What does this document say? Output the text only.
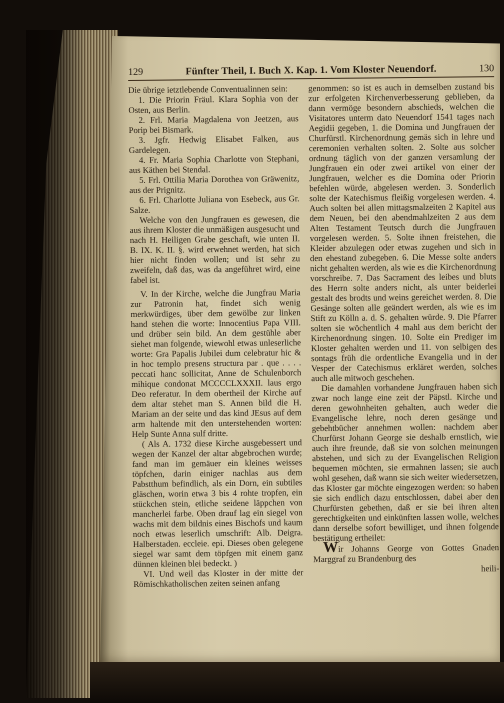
129	Fünfter Theil, I. Buch X. Kap. 1. Vom Kloster Neuendorf.	130

Die übrige ietztlebende Conventualinnen sein:

1. Die Priorin Fräul. Klara Sophia von der Osten, aus Berlin.

2. Frl. Maria Magdalena von Jeetzen, aus Porip bei Bismark.

3. Jgfr. Hedwig Elisabet Falken, aus Gardelegen.

4. Fr. Maria Sophia Charlotte von Stephani, aus Käthen bei Stendal.

5. Frl. Ottilia Maria Dorothea von Gräwenitz, aus der Prignitz.

6. Frl. Charlotte Juliana von Esebeck, aus Gr. Salze.

Welche von den Jungfrauen es gewesen, die aus ihrem Kloster die unmäßigen ausgesucht und nach H. Heiligen Grabe geschaft, wie unten II. B. IX. K. II. §. wird erwehnet werden, hat sich hier nicht finden wollen; und ist sehr zu zweifeln, daß das, was da angeführet wird, eine fabel ist.

V. In der Kirche, welche die Jungfrau Maria zur Patronin hat, findet sich wenig merkwürdiges, über dem gewölbe zur linken hand stehen die worte: Innocentius Papa VIII. und drüber sein bild. An dem gestühle aber siehet man folgende, wiewohl etwas unleserliche worte: Gra Papalis Jubilei dum celebratur hic & in hoc templo presens structura par . que . . . . peccati hanc sollicitat, Anne de Schulenborch mihique condonat MCCCCLXXXII. laus ergo Deo referatur. In dem obertheil der Kirche auf dem altar stehet man S. Annen bild die H. Mariam an der seite und das kind JEsus auf dem arm haltende mit den unterstehenden worten: Help Sunte Anna sulf dritte.

( Als A. 1732 diese Kirche ausgebessert und wegen der Kanzel der altar abgebrochen wurde; fand man im gemäuer ein kleines weisses töpfchen, darin einiger nachlas aus dem Pabstthum befindlich, als ein Dorn, ein subtiles gläschen, worin etwa 3 bis 4 rohte tropfen, ein stückchen stein, etliche seidene läppchen von mancherlei farbe. Oben drauf lag ein siegel von wachs mit dem bildnis eines Bischofs und kaum noch etwas leserlich umschrift: Alb. Deigra. Halberstaden. eccleie. epi. Dieses oben gelegene siegel war samt dem töpfgen mit einem ganz dünnen kleinen blei bedeckt. )

VI. Und weil das Kloster in der mitte der Römischkatholischen zeiten seinen anfang

genommen: so ist es auch in demselben zustand bis zur erfolgeten Kirchenverbesserung geblieben, da dann vermöge besondern abschieds, welchen die Visitatores unterm dato Neuendorf 1541 tages nach Aegidii gegeben, 1. die Domina und Jungfrauen der Churfürstl. Kirchenordnung gemäs sich in lehre und ceremonien verhalten solten. 2. Solte aus solcher ordnung täglich von der ganzen versamlung der Jungfrauen ein oder zwei artikel von einer der Jungfrauen, welcher es die Domina oder Priorin befehlen würde, abgelesen werden. 3. Sonderlich solte der Katechismus fleißig vorgelesen werden. 4. Auch solten bei allen mittagsmalzeiten 2 Kapitel aus dem Neuen, bei den abendmahlzeiten 2 aus dem Alten Testament Teutsch durch die Jungfrauen vorgelesen werden. 5. Solte ihnen freistehen, die Kleider abzulegen oder etwas zugehen und sich in den ehestand zubegeben. 6. Die Messe solte anders nicht gehalten werden, als wie es die Kirchenordnung vorschreibe. 7. Das Sacrament des leibes und bluts des Herrn solte anders nicht, als unter beiderlei gestalt des brodts und weins gereichet werden. 8. Die Gesänge solten alle geändert werden, als wie es im Stift zu Kölln a. d. S. gehalten würde. 9. Die Pfarrer solten sie wöchentlich 4 mahl aus dem bericht der Kirchenordnung singen. 10. Solte ein Prediger im Kloster gehalten werden und 11. von selbigen des sontags früh die ordentliche Evangelia und in der Vesper der Catechismus erkläret werden, solches auch alle mitwoch geschehen.

Die damahlen vorhandene Jungfrauen haben sich zwar noch lange eine zeit der Päpstl. Kirche und deren gewohnheiten gehalten, auch weder die Evangelische lehre, noch deren gesänge und gebehtbücher annehmen wollen: nachdem aber Churfürst Johann George sie deshalb ernstlich, wie auch ihre freunde, daß sie von solchen meinungen abstehen, und sich zu der Evangelischen Religion bequemen möchten, sie ermahnen lassen; sie auch wohl gesehen, daß wann sie sich weiter wiedersetzen, das Kloster gar möchte eingezogen werden: so haben sie sich endlich dazu entschlossen, dabei aber den Churfürsten gebethen, daß er sie bei ihren alten gerechtigkeiten und einkünften lassen wolle, welches dann derselbe sofort bewilliget, und ihnen folgende bestätigung ertheilet:

Wir Johanns George von Gottes Gnaden Marggraf zu Brandenburg des

heili-
